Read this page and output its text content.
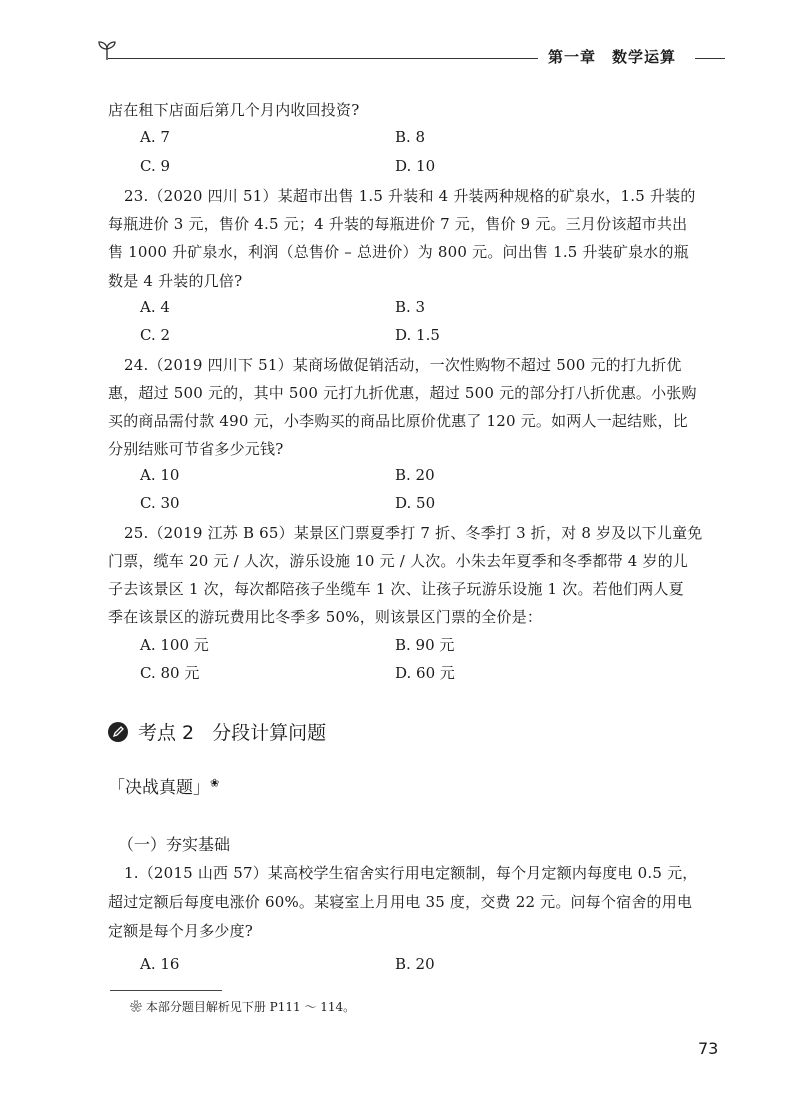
第一章 数学运算
店在租下店面后第几个月内收回投资?
A. 7	B. 8
C. 9	D. 10
23.（2020 四川 51）某超市出售 1.5 升装和 4 升装两种规格的矿泉水，1.5 升装的
每瓶进价 3 元，售价 4.5 元；4 升装的每瓶进价 7 元，售价 9 元。三月份该超市共出
售 1000 升矿泉水，利润（总售价 – 总进价）为 800 元。问出售 1.5 升装矿泉水的瓶
数是 4 升装的几倍?
A. 4	B. 3
C. 2	D. 1.5
24.（2019 四川下 51）某商场做促销活动，一次性购物不超过 500 元的打九折优
惠，超过 500 元的，其中 500 元打九折优惠，超过 500 元的部分打八折优惠。小张购
买的商品需付款 490 元，小李购买的商品比原价优惠了 120 元。如两人一起结账，比
分别结账可节省多少元钱?
A. 10	B. 20
C. 30	D. 50
25.（2019 江苏 B 65）某景区门票夏季打 7 折、冬季打 3 折，对 8 岁及以下儿童免
门票，缆车 20 元 / 人次，游乐设施 10 元 / 人次。小朱去年夏季和冬季都带 4 岁的儿
子去该景区 1 次，每次都陪孩子坐缆车 1 次、让孩子玩游乐设施 1 次。若他们两人夏
季在该景区的游玩费用比冬季多 50%，则该景区门票的全价是：
A. 100 元	B. 90 元
C. 80 元	D. 60 元
考点 2 分段计算问题
「决战真题」❀
（一）夯实基础
1.（2015 山西 57）某高校学生宿舍实行用电定额制，每个月定额内每度电 0.5 元，
超过定额后每度电涨价 60%。某寝室上月用电 35 度，交费 22 元。问每个宿舍的用电
定额是每个月多少度?
A. 16	B. 20
❀ 本部分题目解析见下册 P111 ～ 114。
73
